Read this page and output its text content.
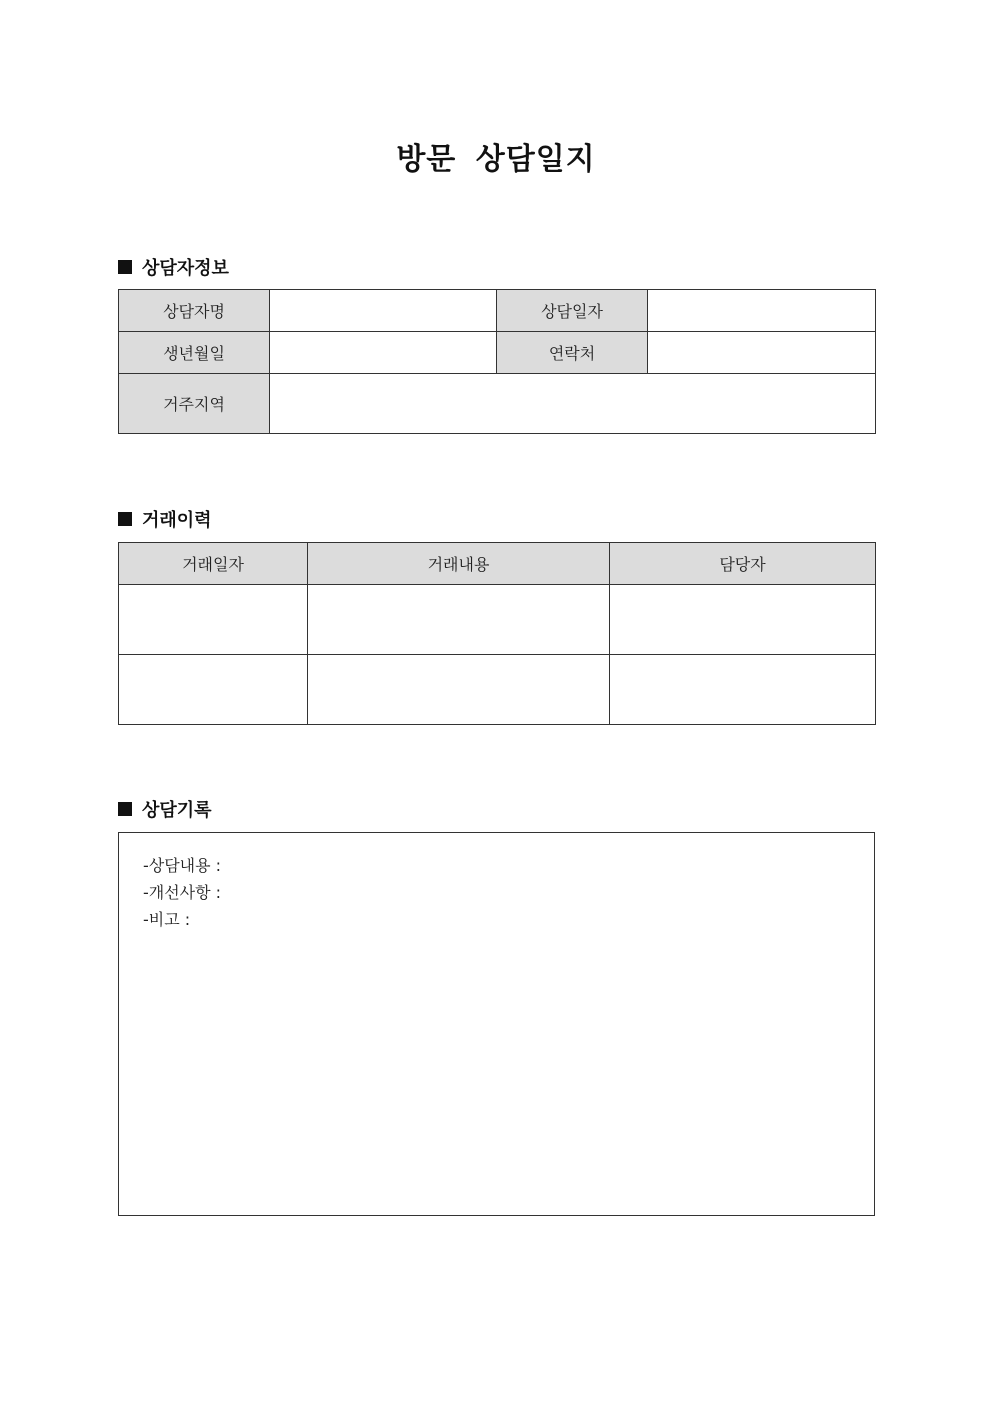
방문 상담일지
상담자정보
상담자명		상담일자	
생년월일		연락처	
거주지역			
거래이력
거래일자	거래내용	담당자

상담기록
-상담내용 :
-개선사항 :
-비고 :
